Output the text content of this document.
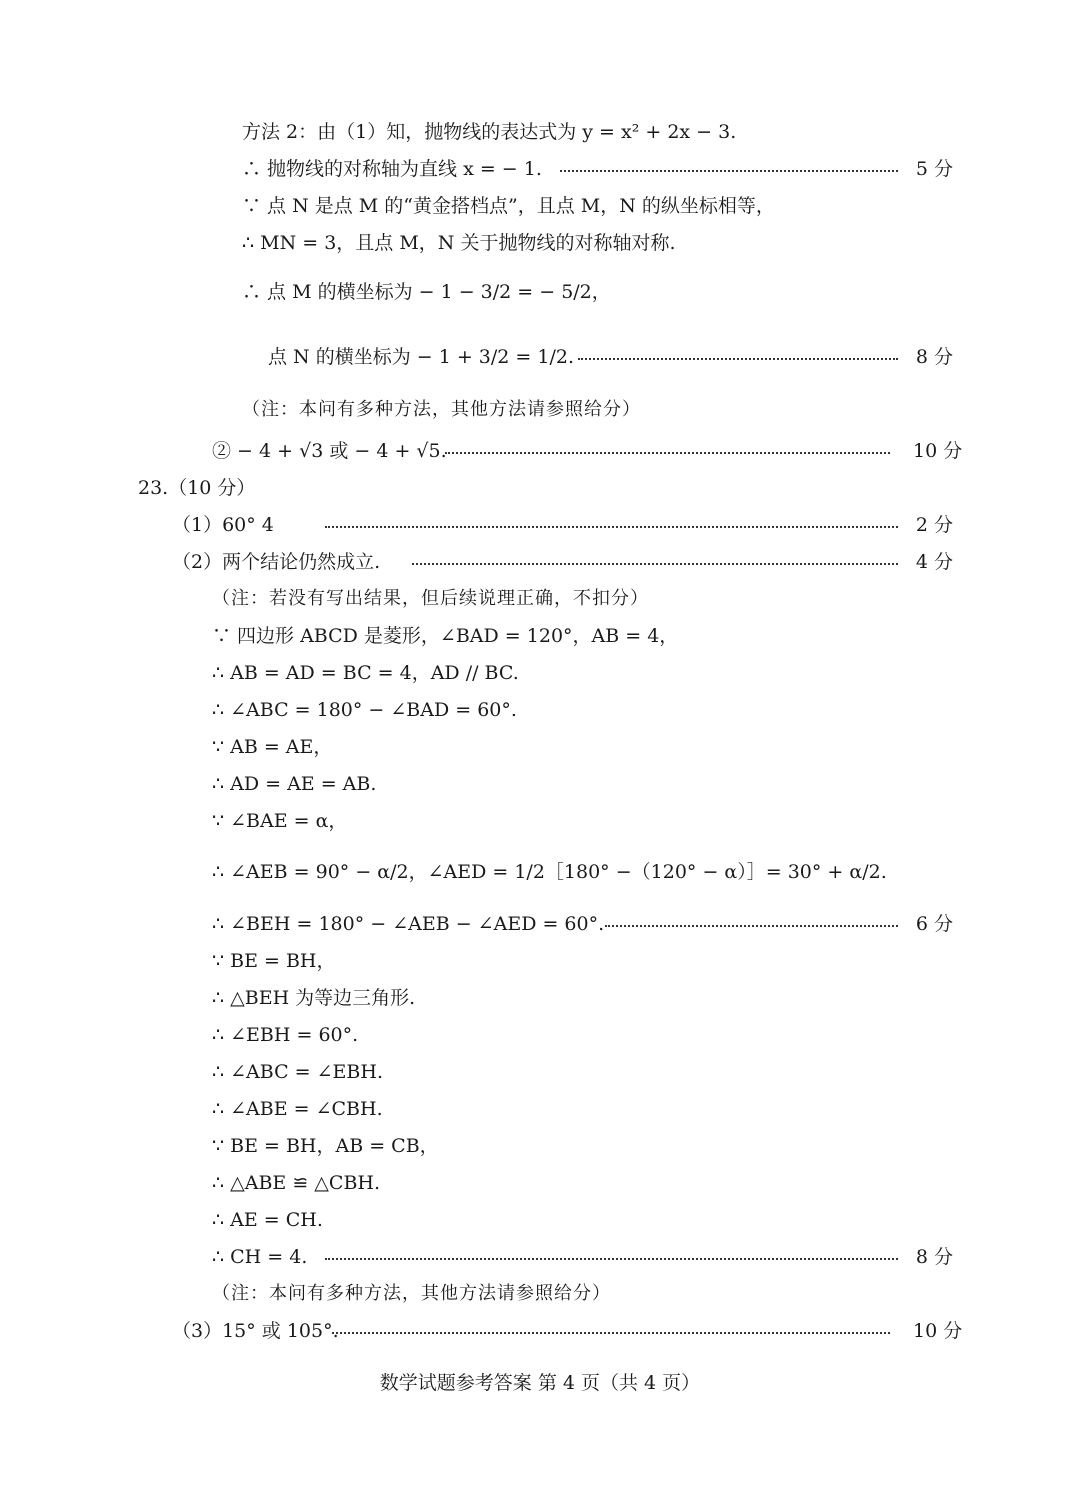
方法 2：由（1）知，抛物线的表达式为 y = x² + 2x − 3.
∴ 抛物线的对称轴为直线 x = − 1.	5 分
∵ 点 N 是点 M 的“黄金搭档点”，且点 M，N 的纵坐标相等，
∴ MN = 3，且点 M，N 关于抛物线的对称轴对称.
∴ 点 M 的横坐标为 − 1 − 3/2 = − 5/2，
点 N 的横坐标为 − 1 + 3/2 = 1/2.	8 分
（注：本问有多种方法，其他方法请参照给分）
② − 4 + √3 或 − 4 + √5.	10 分
23.（10 分）
（1）60° 4	2 分
（2）两个结论仍然成立.	4 分
（注：若没有写出结果，但后续说理正确，不扣分）
∵ 四边形 ABCD 是菱形，∠BAD = 120°，AB = 4，
∴ AB = AD = BC = 4，AD // BC.
∴ ∠ABC = 180° − ∠BAD = 60°.
∵ AB = AE，
∴ AD = AE = AB.
∵ ∠BAE = α，
∴ ∠AEB = 90° − α/2，∠AED = 1/2［180° −（120° − α）］= 30° + α/2.
∴ ∠BEH = 180° − ∠AEB − ∠AED = 60°.	6 分
∵ BE = BH，
∴ △BEH 为等边三角形.
∴ ∠EBH = 60°.
∴ ∠ABC = ∠EBH.
∴ ∠ABE = ∠CBH.
∵ BE = BH，AB = CB，
∴ △ABE ≌ △CBH.
∴ AE = CH.
∴ CH = 4.	8 分
（注：本问有多种方法，其他方法请参照给分）
（3）15° 或 105°.	10 分
数学试题参考答案 第 4 页（共 4 页）
